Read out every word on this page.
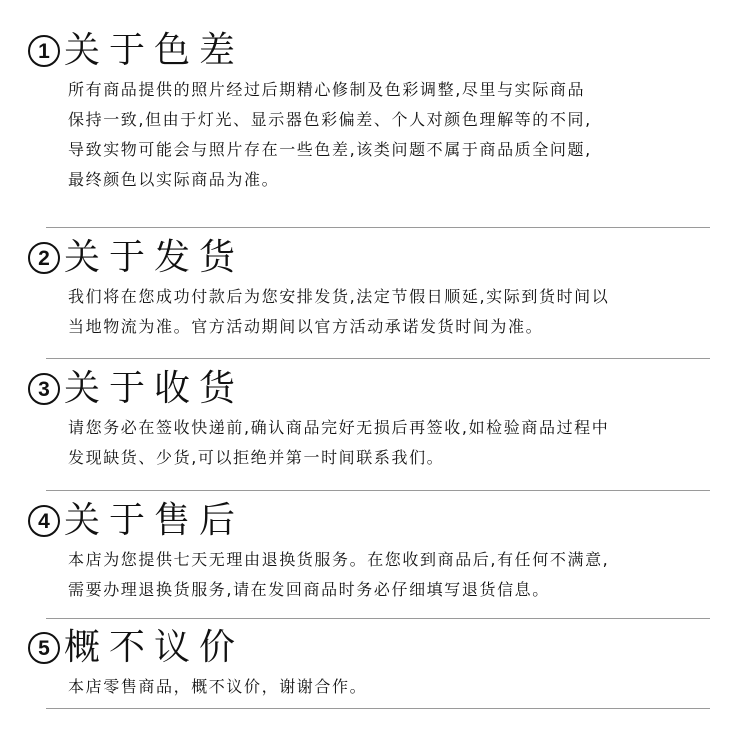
1 关于色差
所有商品提供的照片经过后期精心修制及色彩调整,尽里与实际商品
保持一致,但由于灯光、显示器色彩偏差、个人对颜色理解等的不同,
导致实物可能会与照片存在一些色差,该类问题不属于商品质全问题,
最终颜色以实际商品为准。
2 关于发货
我们将在您成功付款后为您安排发货,法定节假日顺延,实际到货时间以
当地物流为准。官方活动期间以官方活动承诺发货时间为准。
3 关于收货
请您务必在签收快递前,确认商品完好无损后再签收,如检验商品过程中
发现缺货、少货,可以拒绝并第一时间联系我们。
4 关于售后
本店为您提供七天无理由退换货服务。在您收到商品后,有任何不满意,
需要办理退换货服务,请在发回商品时务必仔细填写退货信息。
5 概不议价
本店零售商品，概不议价，谢谢合作。
